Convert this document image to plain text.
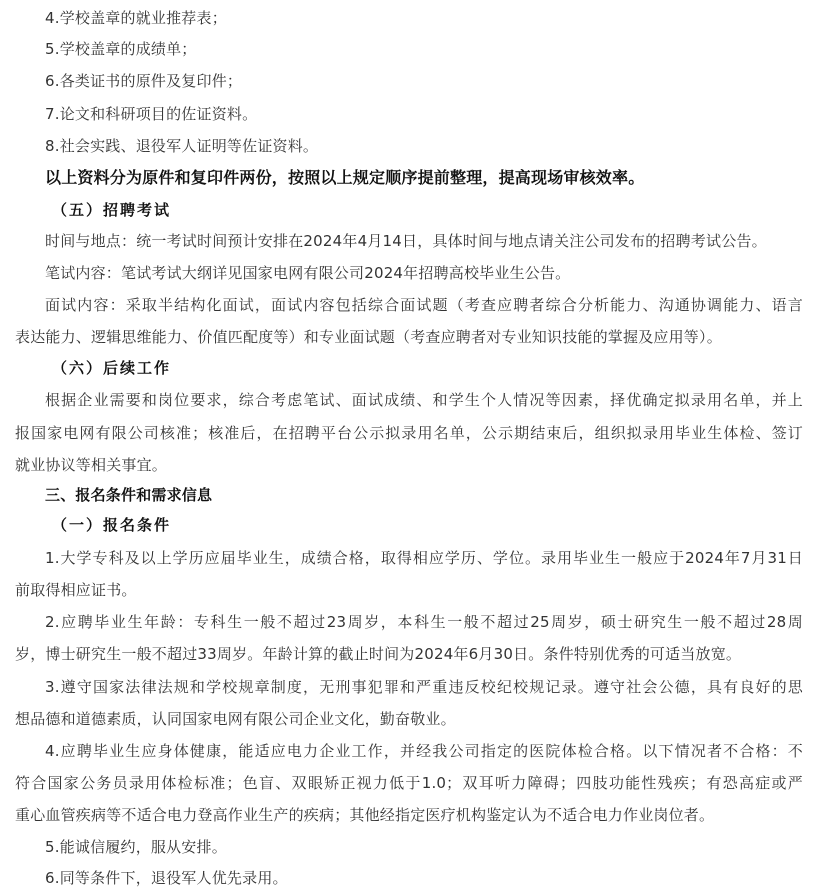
4.学校盖章的就业推荐表；
5.学校盖章的成绩单；
6.各类证书的原件及复印件；
7.论文和科研项目的佐证资料。
8.社会实践、退役军人证明等佐证资料。
以上资料分为原件和复印件两份，按照以上规定顺序提前整理，提高现场审核效率。
（五）招聘考试
时间与地点：统一考试时间预计安排在2024年4月14日，具体时间与地点请关注公司发布的招聘考试公告。
笔试内容：笔试考试大纲详见国家电网有限公司2024年招聘高校毕业生公告。
面试内容：采取半结构化面试，面试内容包括综合面试题（考查应聘者综合分析能力、沟通协调能力、语言
表达能力、逻辑思维能力、价值匹配度等）和专业面试题（考查应聘者对专业知识技能的掌握及应用等）。
（六）后续工作
根据企业需要和岗位要求，综合考虑笔试、面试成绩、和学生个人情况等因素，择优确定拟录用名单，并上
报国家电网有限公司核准；核准后，在招聘平台公示拟录用名单，公示期结束后，组织拟录用毕业生体检、签订
就业协议等相关事宜。
三、报名条件和需求信息
（一）报名条件
1.大学专科及以上学历应届毕业生，成绩合格，取得相应学历、学位。录用毕业生一般应于2024年7月31日
前取得相应证书。
2.应聘毕业生年龄：专科生一般不超过23周岁，本科生一般不超过25周岁，硕士研究生一般不超过28周
岁，博士研究生一般不超过33周岁。年龄计算的截止时间为2024年6月30日。条件特别优秀的可适当放宽。
3.遵守国家法律法规和学校规章制度，无刑事犯罪和严重违反校纪校规记录。遵守社会公德，具有良好的思
想品德和道德素质，认同国家电网有限公司企业文化，勤奋敬业。
4.应聘毕业生应身体健康，能适应电力企业工作，并经我公司指定的医院体检合格。以下情况者不合格：不
符合国家公务员录用体检标准；色盲、双眼矫正视力低于1.0；双耳听力障碍；四肢功能性残疾；有恐高症或严
重心血管疾病等不适合电力登高作业生产的疾病；其他经指定医疗机构鉴定认为不适合电力作业岗位者。
5.能诚信履约，服从安排。
6.同等条件下，退役军人优先录用。
